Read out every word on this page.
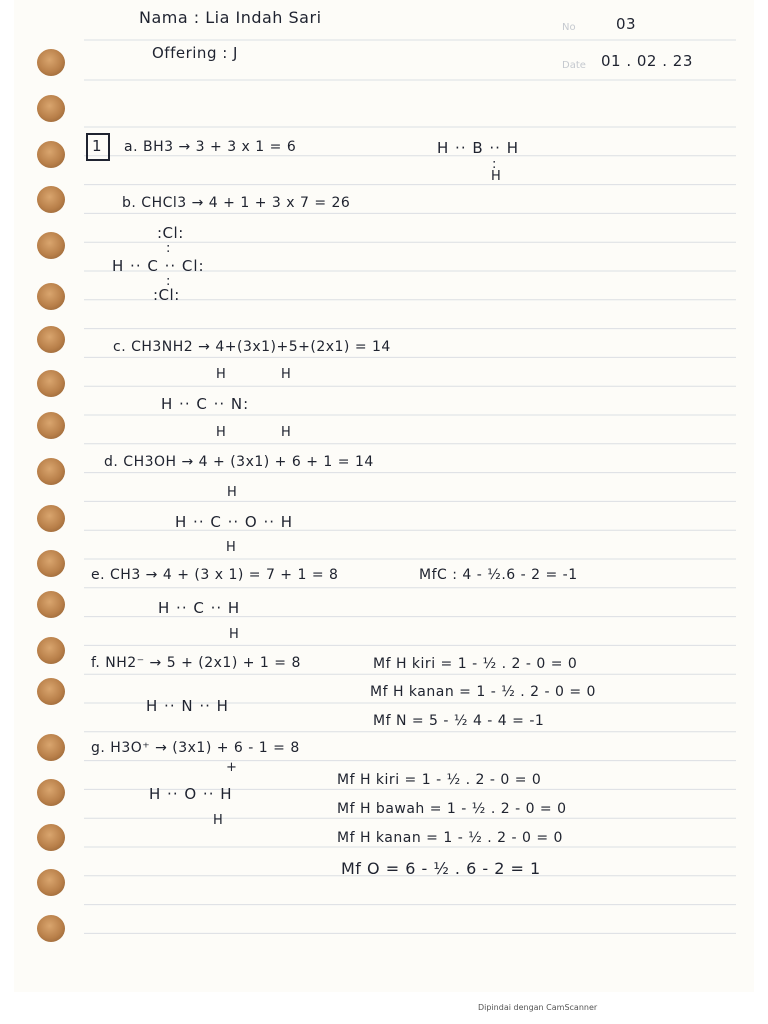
Nama : Lia Indah Sari
Offering : J
No	03
Date 01 . 02 . 23
1 a. BH3 → 3 + 3 x 1 = 6	H ·· B ·· H
:
H
b. CHCl3 → 4 + 1 + 3 x 7 = 26
:Cl:
:
H ·· C ·· Cl:
:
:Cl:
c. CH3NH2 → 4+(3x1)+5+(2x1) = 14
H	H
H ·· C ·· N:
H	H
d. CH3OH → 4 + (3x1) + 6 + 1 = 14
H
H ·· C ·· O ·· H
H
e. CH3 → 4 + (3 x 1) = 7 + 1 = 8	MfC : 4 - ½.6 - 2 = -1
H ·· C ·· H
H
f. NH2⁻ → 5 + (2x1) + 1 = 8
H ·· N ·· H
Mf H kiri = 1 - ½ . 2 - 0 = 0
Mf H kanan = 1 - ½ . 2 - 0 = 0
Mf N = 5 - ½ 4 - 4 = -1
g. H3O⁺ → (3x1) + 6 - 1 = 8
+
H ·· O ·· H
H
Mf H kiri = 1 - ½ . 2 - 0 = 0
Mf H bawah = 1 - ½ . 2 - 0 = 0
Mf H kanan = 1 - ½ . 2 - 0 = 0
Mf O = 6 - ½ . 6 - 2 = 1
Dipindai dengan CamScanner
